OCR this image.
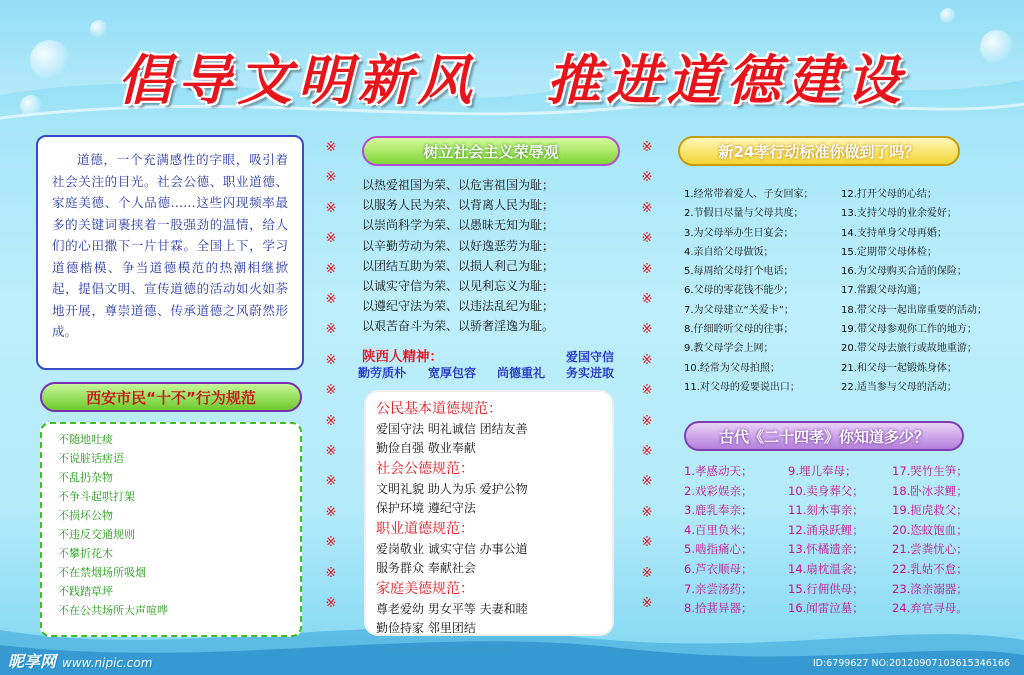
倡导文明新风 推进道德建设
道德，一个充满感性的字眼，吸引着社会关注的目光。社会公德、职业道德、家庭美德、个人品德……这些闪现频率最多的关键词裹挟着一股强劲的温情，给人们的心田撒下一片甘霖。全国上下，学习道德楷模、争当道德模范的热潮相继掀起，提倡文明、宣传道德的活动如火如荼地开展，尊崇道德、传承道德之风蔚然形成。
西安市民“十不”行为规范
不随地吐痰
不说脏话痞语
不乱扔杂物
不争斗起哄打架
不损坏公物
不违反交通规则
不攀折花木
不在禁烟场所吸烟
不践踏草坪
不在公共场所大声喧哗
※
※
※
※
※
※
※
※
※
※
※
※
※
※
※
※
※
※
※
※
※
※
※
※
※
※
※
※
※
※
※
※
树立社会主义荣辱观
以热爱祖国为荣、以危害祖国为耻；
以服务人民为荣、以背离人民为耻；
以崇尚科学为荣、以愚昧无知为耻；
以辛勤劳动为荣、以好逸恶劳为耻；
以团结互助为荣、以损人利己为耻；
以诚实守信为荣、以见利忘义为耻；
以遵纪守法为荣、以违法乱纪为耻；
以艰苦奋斗为荣、以骄奢淫逸为耻。
陕西人精神：	爱国守信
勤劳质朴 宽厚包容 尚德重礼 务实进取
公民基本道德规范：
爱国守法 明礼诚信 团结友善
勤俭自强 敬业奉献
社会公德规范：
文明礼貌 助人为乐 爱护公物
保护环境 遵纪守法
职业道德规范：
爱岗敬业 诚实守信 办事公道
服务群众 奉献社会
家庭美德规范：
尊老爱幼 男女平等 夫妻和睦
勤俭持家 邻里团结
新24孝行动标准你做到了吗？
1.经常带着爱人、子女回家；
2.节假日尽量与父母共度；
3.为父母举办生日宴会；
4.亲自给父母做饭；
5.每周给父母打个电话；
6.父母的零花钱不能少；
7.为父母建立“关爱卡”；
8.仔细聆听父母的往事；
9.教父母学会上网；
10.经常为父母拍照；
11.对父母的爱要说出口；
12.打开父母的心结；
13.支持父母的业余爱好；
14.支持单身父母再婚；
15.定期带父母体检；
16.为父母购买合适的保险；
17.常跟父母沟通；
18.带父母一起出席重要的活动；
19.带父母参观你工作的地方；
20.带父母去旅行或故地重游；
21.和父母一起锻炼身体；
22.适当参与父母的活动；
古代《二十四孝》你知道多少？
1.孝感动天；
2.戏彩娱亲；
3.鹿乳奉亲；
4.百里负米；
5.啮指痛心；
6.芦衣顺母；
7.亲尝汤药；
8.拾葚异器；
9.埋儿奉母；
10.卖身葬父；
11.刻木事亲；
12.涌泉跃鲤；
13.怀橘遗亲；
14.扇枕温衾；
15.行佣供母；
16.闻雷泣墓；
17.哭竹生笋；
18.卧冰求鲤；
19.扼虎救父；
20.恣蚊饱血；
21.尝粪忧心；
22.乳姑不怠；
23.涤亲溺器；
24.弃官寻母。
昵享网 www.nipic.com	ID:6799627 NO:20120907103615346166
